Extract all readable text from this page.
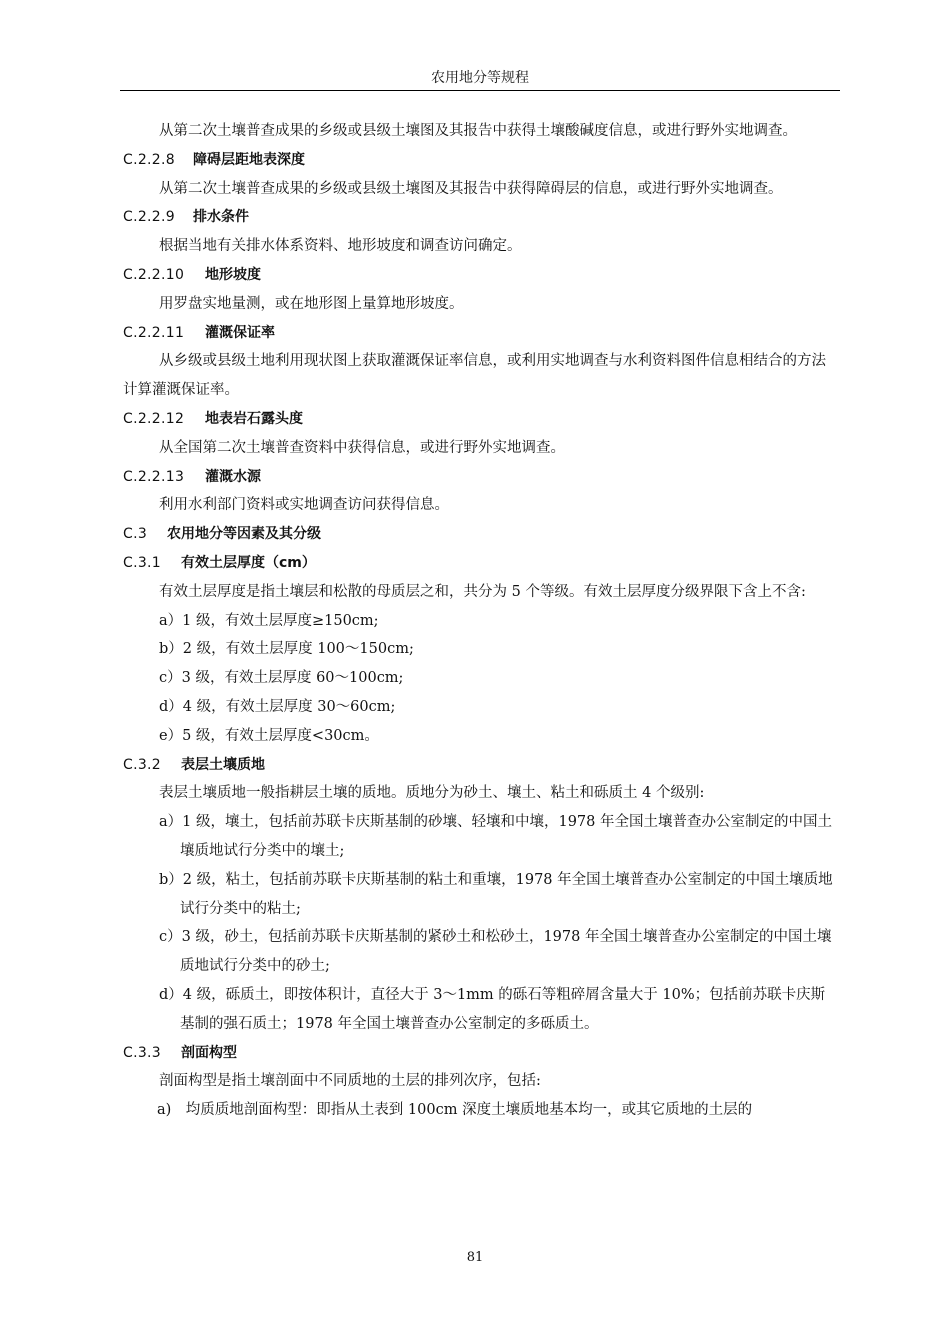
农用地分等规程

从第二次土壤普查成果的乡级或县级土壤图及其报告中获得土壤酸碱度信息，或进行野外实地调查。

C.2.2.8 障碍层距地表深度

从第二次土壤普查成果的乡级或县级土壤图及其报告中获得障碍层的信息，或进行野外实地调查。

C.2.2.9 排水条件

根据当地有关排水体系资料、地形坡度和调查访问确定。

C.2.2.10 地形坡度

用罗盘实地量测，或在地形图上量算地形坡度。

C.2.2.11 灌溉保证率

从乡级或县级土地利用现状图上获取灌溉保证率信息，或利用实地调查与水利资料图件信息相结合的方法计算灌溉保证率。

C.2.2.12 地表岩石露头度

从全国第二次土壤普查资料中获得信息，或进行野外实地调查。

C.2.2.13 灌溉水源

利用水利部门资料或实地调查访问获得信息。

C.3 农用地分等因素及其分级
C.3.1 有效土层厚度（cm）

有效土层厚度是指土壤层和松散的母质层之和，共分为 5 个等级。有效土层厚度分级界限下含上不含:

a）1 级，有效土层厚度≥150cm;

b）2 级，有效土层厚度 100～150cm;

c）3 级，有效土层厚度 60～100cm;

d）4 级，有效土层厚度 30～60cm;

e）5 级，有效土层厚度<30cm。

C.3.2 表层土壤质地

表层土壤质地一般指耕层土壤的质地。质地分为砂土、壤土、粘土和砾质土 4 个级别:

a）1 级，壤土，包括前苏联卡庆斯基制的砂壤、轻壤和中壤，1978 年全国土壤普查办公室制定的中国土壤质地试行分类中的壤土;

b）2 级，粘土，包括前苏联卡庆斯基制的粘土和重壤，1978 年全国土壤普查办公室制定的中国土壤质地试行分类中的粘土;

c）3 级，砂土，包括前苏联卡庆斯基制的紧砂土和松砂土，1978 年全国土壤普查办公室制定的中国土壤质地试行分类中的砂土;

d）4 级，砾质土，即按体积计，直径大于 3～1mm 的砾石等粗碎屑含量大于 10%；包括前苏联卡庆斯基制的强石质土；1978 年全国土壤普查办公室制定的多砾质土。

C.3.3 剖面构型

剖面构型是指土壤剖面中不同质地的土层的排列次序，包括:

a)　均质质地剖面构型：即指从土表到 100cm 深度土壤质地基本均一，或其它质地的土层的

81
